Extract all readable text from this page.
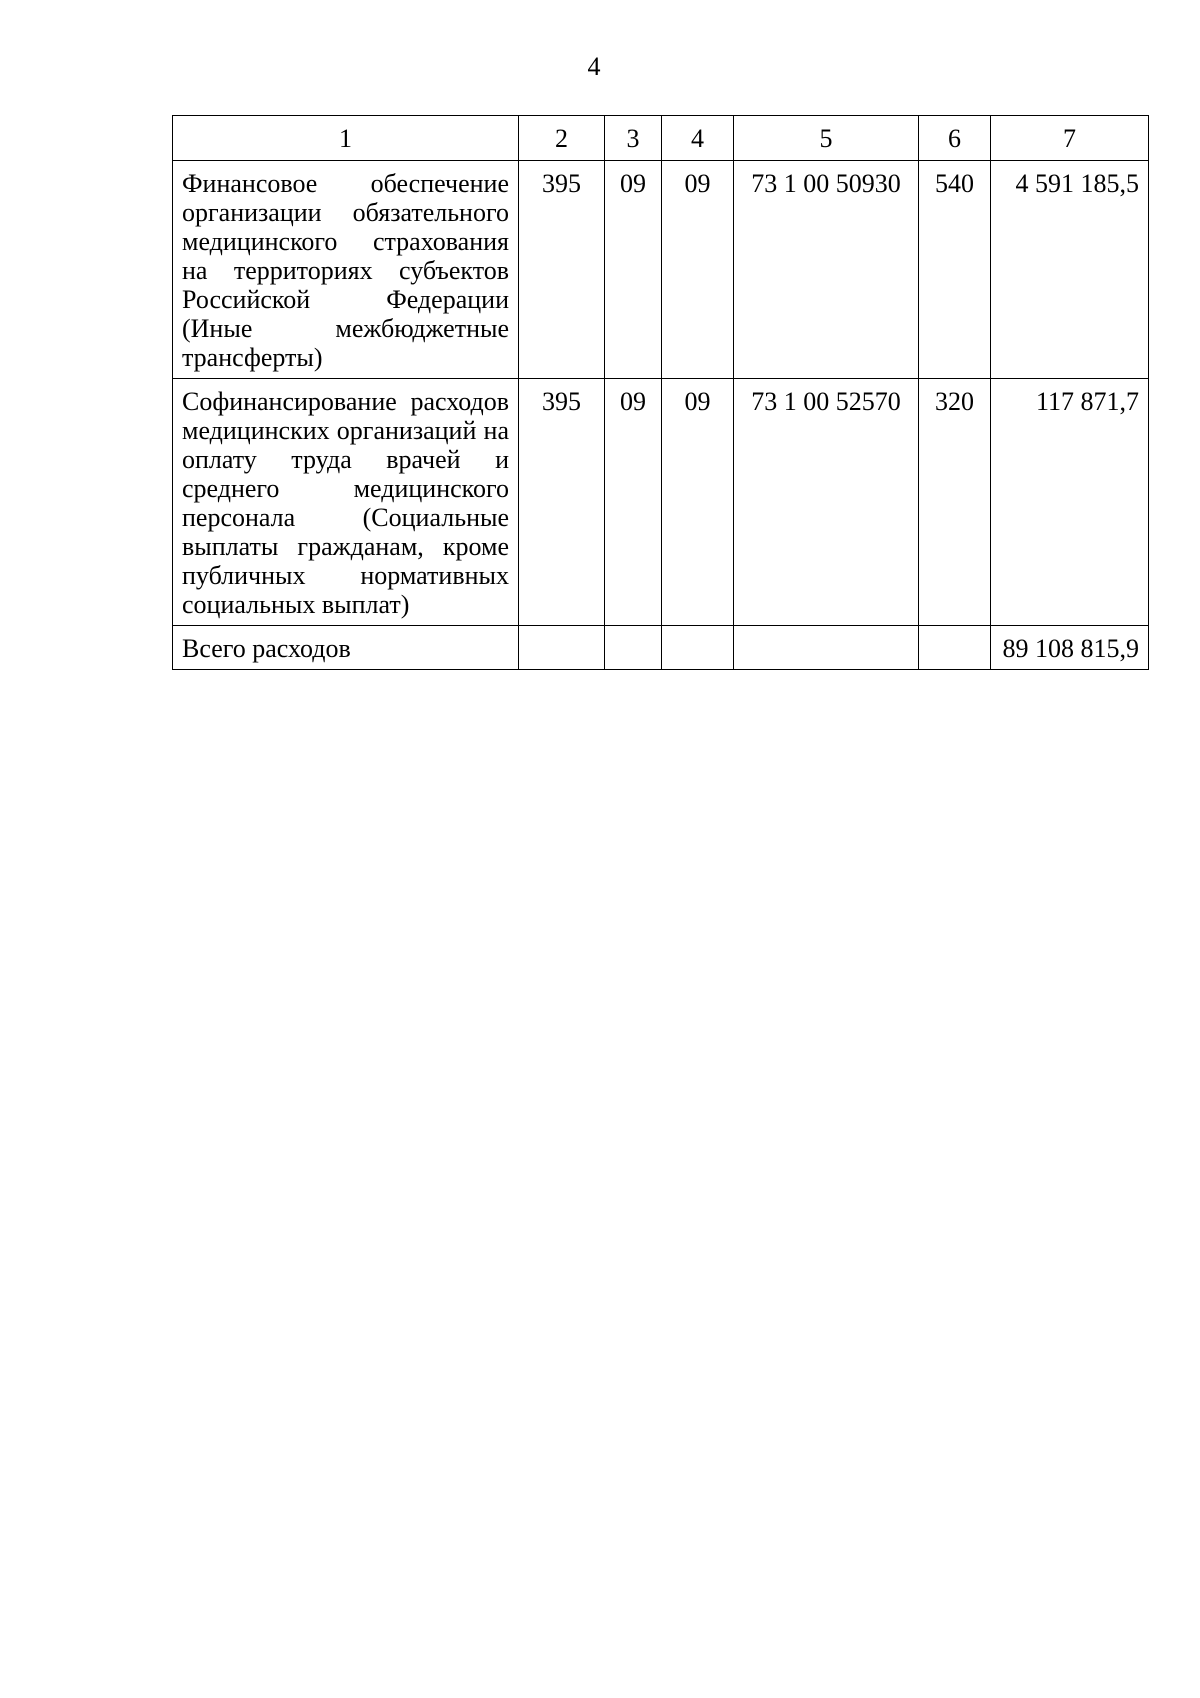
4
1	2	3	4	5	6	7
Финансовое обеспечение организации обязательного медицинского страхования на территориях субъектов Российской Федерации (Иные межбюджетные трансферты)	395	09	09	73 1 00 50930	540	4 591 185,5
Софинансирование расходов медицинских организаций на оплату труда врачей и среднего медицинского персонала (Социальные выплаты гражданам, кроме публичных нормативных социальных выплат)	395	09	09	73 1 00 52570	320	117 871,7
Всего расходов						89 108 815,9
